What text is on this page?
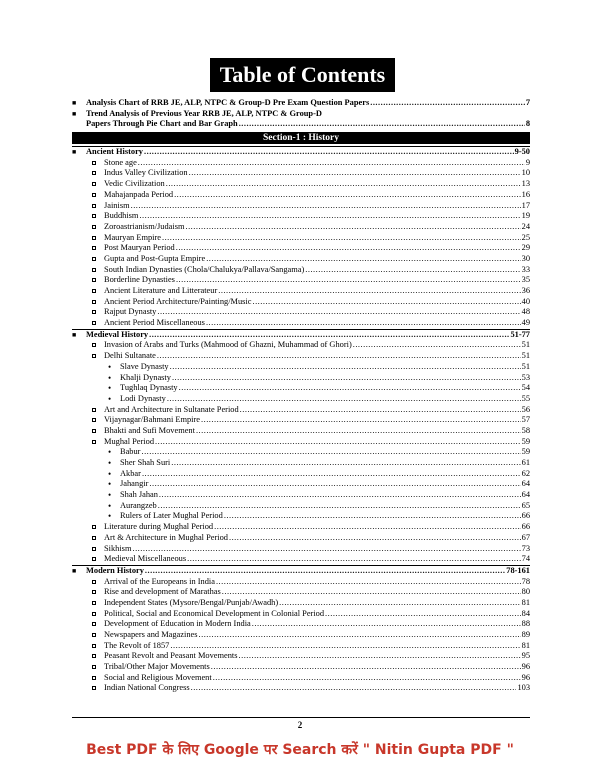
Table of Contents
■ Analysis Chart of RRB JE, ALP, NTPC & Group-D Pre Exam Question Papers .....	7
■ Trend Analysis of Previous Year RRB JE, ALP, NTPC & Group-D
Papers Through Pie Chart and Bar Graph .....	8
Section-1 : History
■ Ancient History .....	9-50
Stone age .....	9
Indus Valley Civilization .....	10
Vedic Civilization .....	13
Mahajanpada Period .....	16
Jainism .....	17
Buddhism .....	19
Zoroastrianism/Judaism .....	24
Mauryan Empire .....	25
Post Mauryan Period .....	29
Gupta and Post-Gupta Empire .....	30
South Indian Dynasties (Chola/Chalukya/Pallava/Sangama) .....	33
Borderline Dynasties .....	35
Ancient Literature and Litterateur .....	36
Ancient Period Architecture/Painting/Music .....	40
Rajput Dynasty .....	48
Ancient Period Miscellaneous .....	49
■ Medieval History .....	51-77
Invasion of Arabs and Turks (Mahmood of Ghazni, Muhammad of Ghori) .....	51
Delhi Sultanate .....	51
• Slave Dynasty .....	51
• Khalji Dynasty .....	53
• Tughlaq Dynasty .....	54
• Lodi Dynasty .....	55
Art and Architecture in Sultanate Period .....	56
Vijaynagar/Bahmani Empire .....	57
Bhakti and Sufi Movement .....	58
Mughal Period .....	59
• Babur .....	59
• Sher Shah Suri .....	61
• Akbar .....	62
• Jahangir .....	64
• Shah Jahan .....	64
• Aurangzeb .....	65
• Rulers of Later Mughal Period .....	66
Literature during Mughal Period .....	66
Art & Architecture in Mughal Period .....	67
Sikhism .....	73
Medieval Miscellaneous .....	74
■ Modern History .....	78-161
Arrival of the Europeans in India .....	78
Rise and development of Marathas .....	80
Independent States (Mysore/Bengal/Punjab/Awadh) .....	81
Political, Social and Economical Development in Colonial Period .....	84
Development of Education in Modern India .....	88
Newspapers and Magazines .....	89
The Revolt of 1857 .....	81
Peasant Revolt and Peasant Movements .....	95
Tribal/Other Major Movements .....	96
Social and Religious Movement .....	96
Indian National Congress .....	103
2
Best PDF के लिए Google पर Search करें " Nitin Gupta PDF "
